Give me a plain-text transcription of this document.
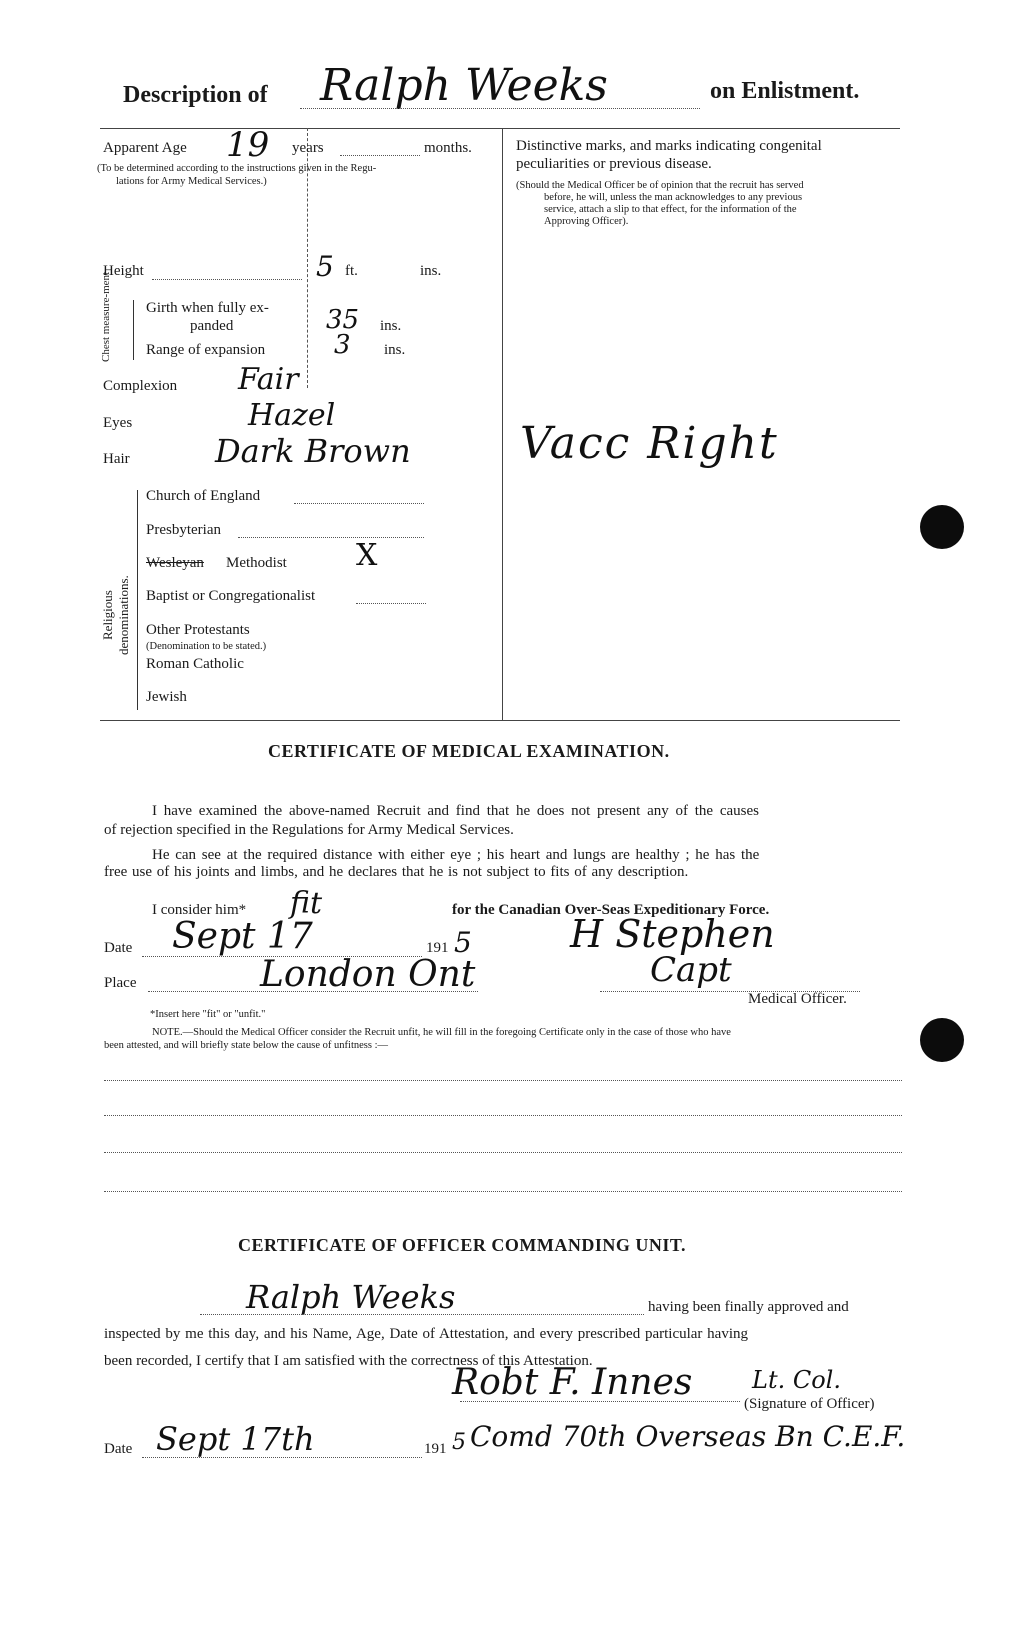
Description of Ralph Weeks	on Enlistment.
Apparent Age 19 years	months.
(To be determined according to the instructions given in the Regu-
lations for Army Medical Services.)
Height	5 ft.	ins.
Chest measure-ment Girth when fully ex-
panded	35 ins.
Range of expansion	3 ins.
Complexion Fair
Eyes	Hazel
Hair	Dark Brown
Distinctive marks, and marks indicating congenital
peculiarities or previous disease.
(Should the Medical Officer be of opinion that the recruit has served
before, he will, unless the man acknowledges to any previous
service, attach a slip to that effect, for the information of the
Approving Officer).
Vacc Right
Religious denominations.
Church of England
Presbyterian
Wesleyan Methodist X
Baptist or Congregationalist
Other Protestants
(Denomination to be stated.)
Roman Catholic
Jewish
CERTIFICATE OF MEDICAL EXAMINATION.
I have examined the above-named Recruit and find that he does not present any of the causes
of rejection specified in the Regulations for Army Medical Services.
He can see at the required distance with either eye ; his heart and lungs are healthy ; he has the
free use of his joints and limbs, and he declares that he is not subject to fits of any description.
I consider him* fit	for the Canadian Over-Seas Expeditionary Force.
Date Sept 17	191 5	H Stephen
Place	London Ont	Capt
Medical Officer.
*Insert here "fit" or "unfit."
NOTE.—Should the Medical Officer consider the Recruit unfit, he will fill in the foregoing Certificate only in the case of those who have
been attested, and will briefly state below the cause of unfitness :—
CERTIFICATE OF OFFICER COMMANDING UNIT.
Ralph Weeks	having been finally approved and
inspected by me this day, and his Name, Age, Date of Attestation, and every prescribed particular having
been recorded, I certify that I am satisfied with the correctness of this Attestation.
Robt F. Innes Lt. Col.
(Signature of Officer)
Date Sept 17th	191 5 Comd 70th Overseas Bn C.E.F.
